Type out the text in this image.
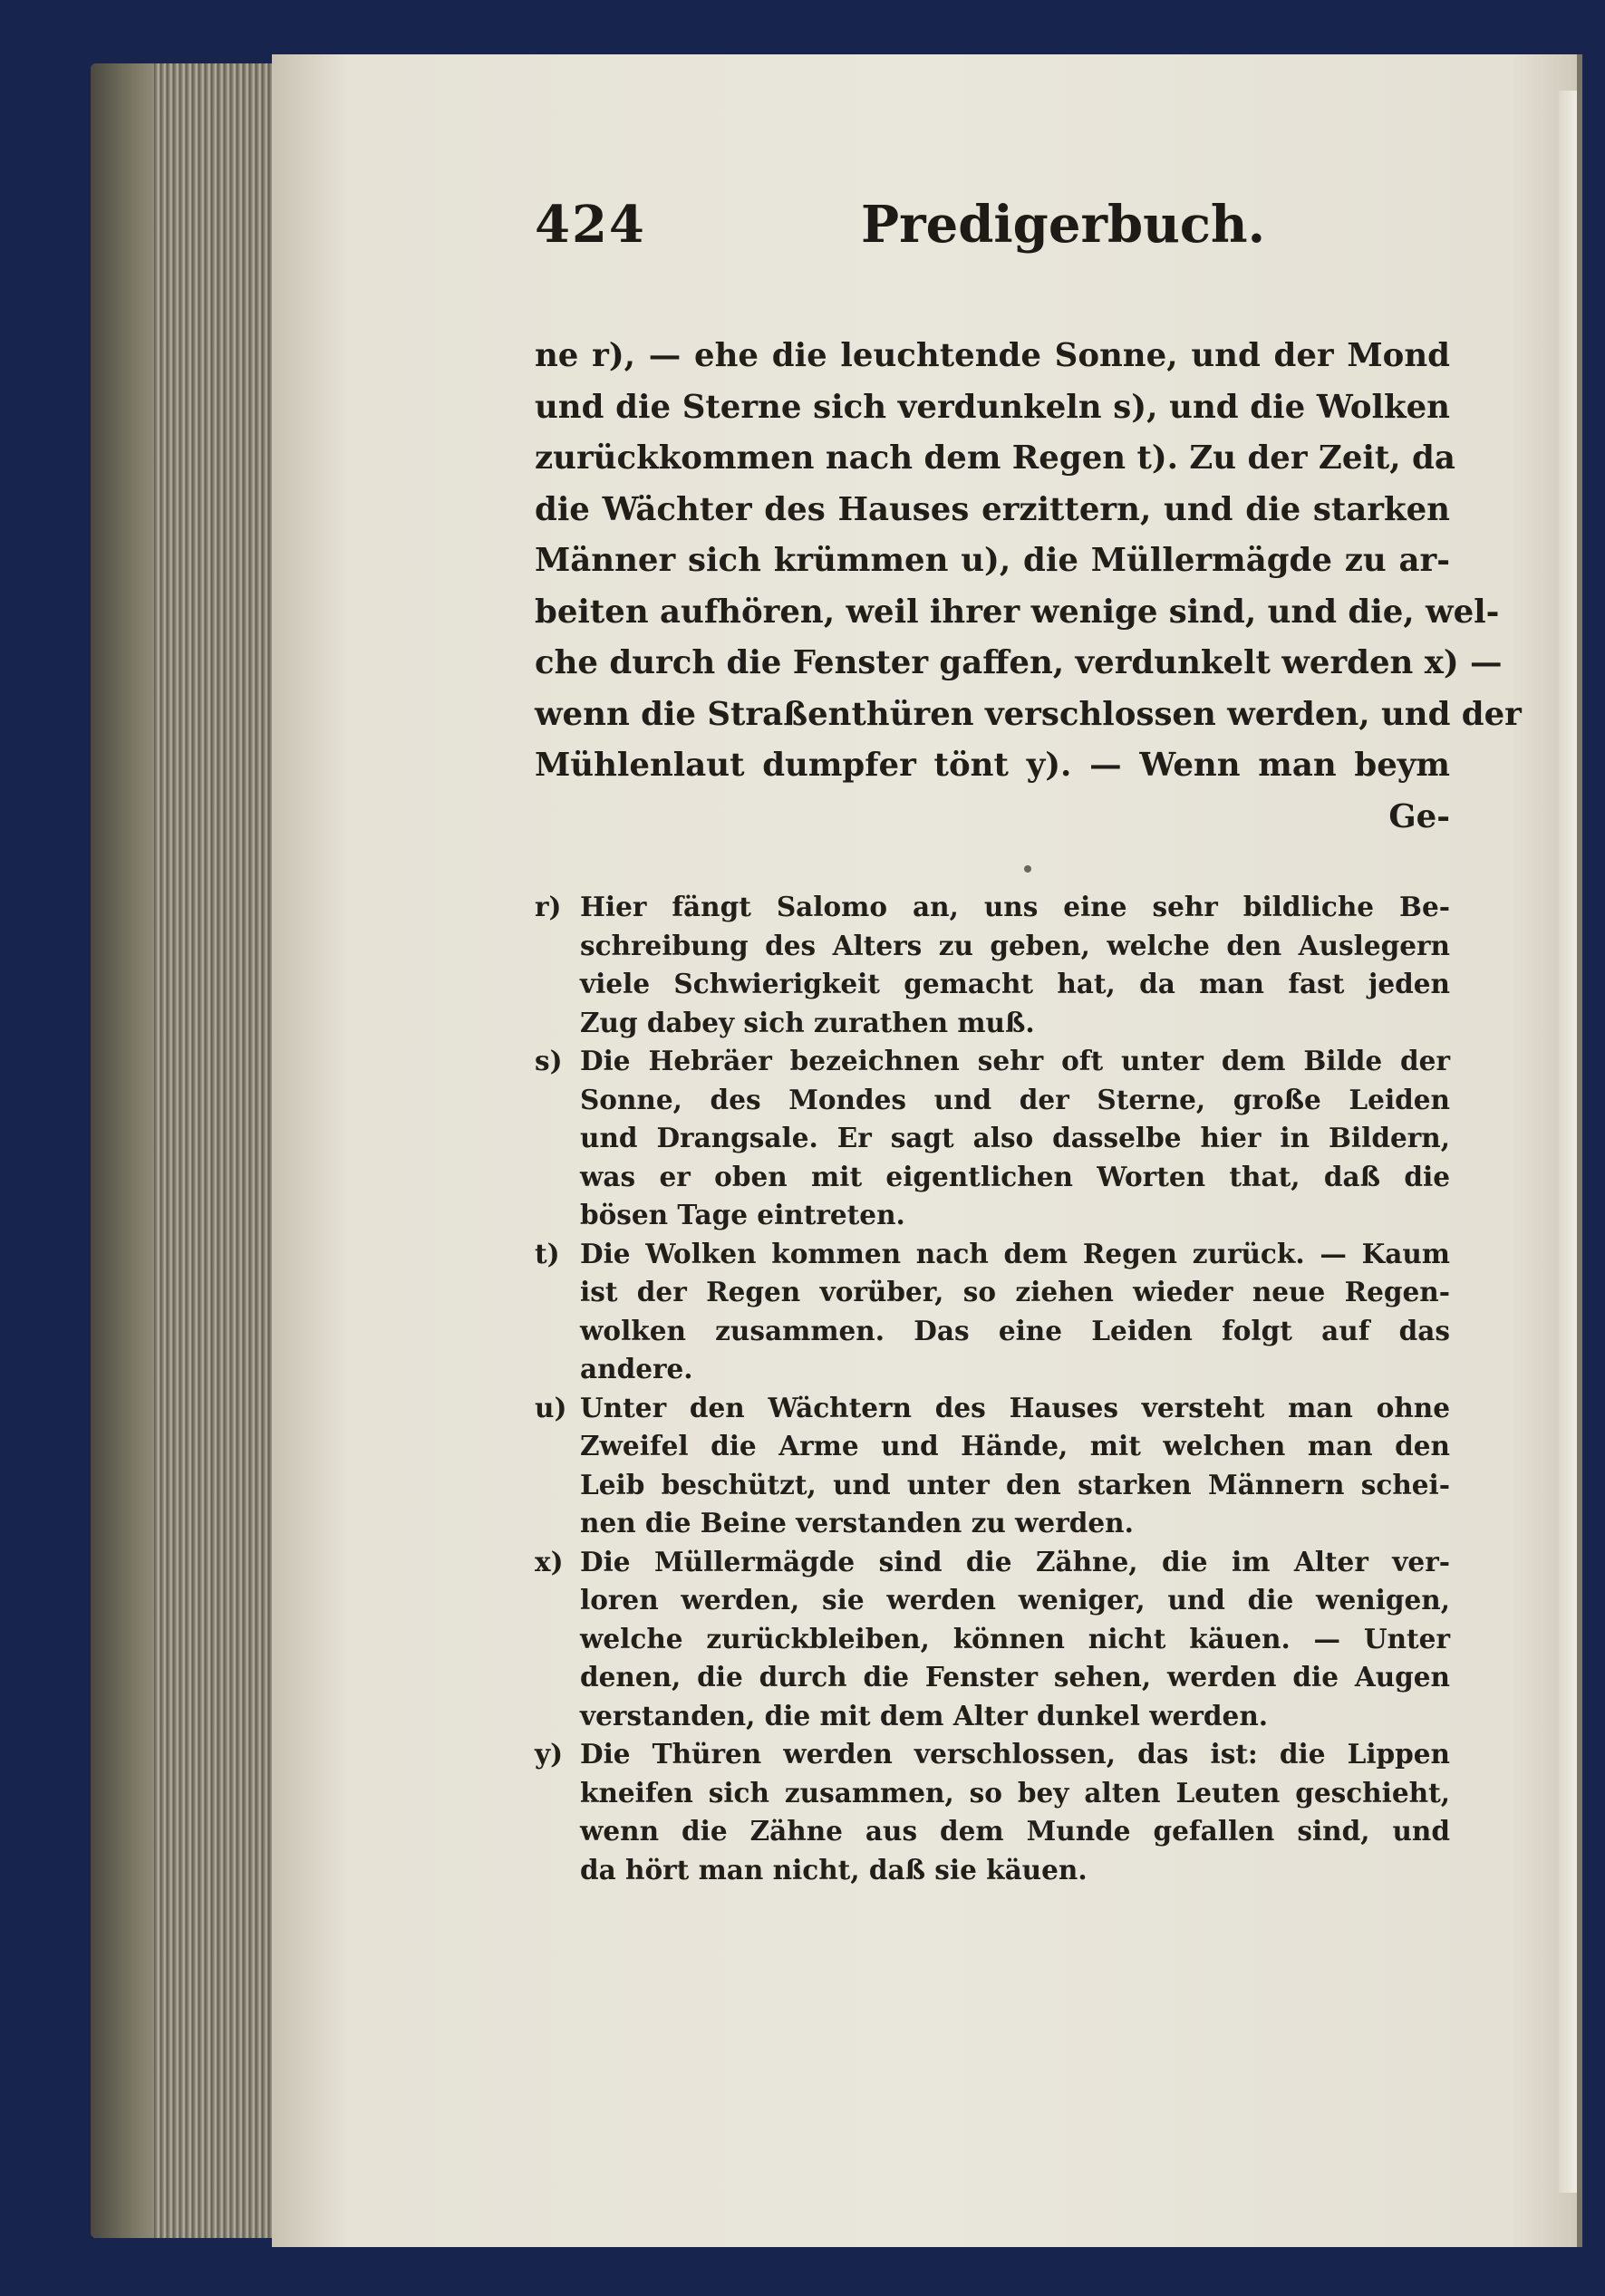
424	Predigerbuch.
ne r), — ehe die leuchtende Sonne, und der Mond
und die Sterne sich verdunkeln s), und die Wolken
zurückkommen nach dem Regen t). Zu der Zeit, da
die Wächter des Hauses erzittern, und die starken
Männer sich krümmen u), die Müllermägde zu ar-
beiten aufhören, weil ihrer wenige sind, und die, wel-
che durch die Fenster gaffen, verdunkelt werden x) —
wenn die Straßenthüren verschlossen werden, und der
Mühlenlaut dumpfer tönt y). — Wenn man beym
Ge-
r) Hier fängt Salomo an, uns eine sehr bildliche Be-
schreibung des Alters zu geben, welche den Auslegern
viele Schwierigkeit gemacht hat, da man fast jeden
Zug dabey sich zurathen muß.
s) Die Hebräer bezeichnen sehr oft unter dem Bilde der
Sonne, des Mondes und der Sterne, große Leiden
und Drangsale. Er sagt also dasselbe hier in Bildern,
was er oben mit eigentlichen Worten that, daß die
bösen Tage eintreten.
t) Die Wolken kommen nach dem Regen zurück. — Kaum
ist der Regen vorüber, so ziehen wieder neue Regen-
wolken zusammen. Das eine Leiden folgt auf das
andere.
u) Unter den Wächtern des Hauses versteht man ohne
Zweifel die Arme und Hände, mit welchen man den
Leib beschützt, und unter den starken Männern schei-
nen die Beine verstanden zu werden.
x) Die Müllermägde sind die Zähne, die im Alter ver-
loren werden, sie werden weniger, und die wenigen,
welche zurückbleiben, können nicht käuen. — Unter
denen, die durch die Fenster sehen, werden die Augen
verstanden, die mit dem Alter dunkel werden.
y) Die Thüren werden verschlossen, das ist: die Lippen
kneifen sich zusammen, so bey alten Leuten geschieht,
wenn die Zähne aus dem Munde gefallen sind, und
da hört man nicht, daß sie käuen.
